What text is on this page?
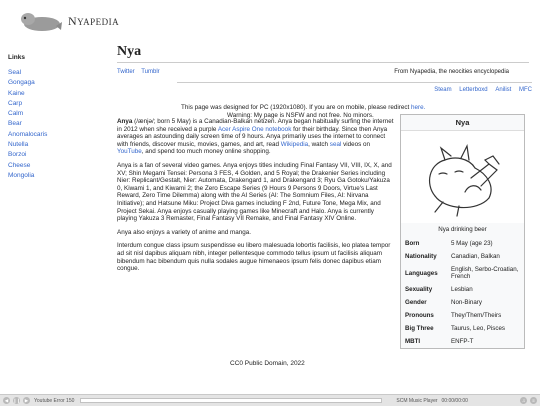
NYAPEDIA
Links
Seal
Gongaga
Kaine
Carp
Calm
Bear
Anomalocaris
Nutella
Borzoi
Cheese
Mongolia
Nya
Twitter Tumblr	From Nyapedia, the neocities encyclopedia
Steam Letterboxd Anilist MFC
This page was designed for PC (1920x1080). If you are on mobile, please redirect here.
Warning: My page is NSFW and not free. No minors.

Anya (/ænjə/; born 5 May) is a Canadian-Balkan netizen. Anya began habitually surfing the internet in 2012 when she received a purple Acer Aspire One notebook for their birthday. Since then Anya averages an astounding daily screen time of 9 hours. Anya primarily uses the internet to connect with friends, discover music, movies, games, and art, read Wikipedia, watch seal videos on YouTube, and spend too much money online shopping.

Anya is a fan of several video games. Anya enjoys titles including Final Fantasy VII, VIII, IX, X, and XV; Shin Megami Tensei: Persona 3 FES, 4 Golden, and 5 Royal; the Drakenier Series including Nier: Replicant/Gestalt, Nier: Automata, Drakengard 1, and Drakengard 3; Ryu Ga Gotoku/Yakuza 0, Kiwami 1, and Kiwami 2; the Zero Escape Series (9 Hours 9 Persons 9 Doors, Virtue's Last Reward, Zero Time Dilemma) along with the AI Series (AI: The Somnium Files, AI: Nirvana Initiative); and Hatsune Miku: Project Diva games including F 2nd, Future Tone, Mega Mix, and Project Sekai. Anya enjoys casually playing games like Minecraft and Halo. Anya is currently playing Yakuza 3 Remaster, Final Fantasy VII Remake, and Final Fantasy XIV Online.

Anya also enjoys a variety of anime and manga.

Interdum congue class ipsum suspendisse eu libero malesuada lobortis facilisis, leo platea tempor ad sit nisl dapibus aliquam nibh, integer pellentesque commodo tellus ipsum ut facilisis aliquam bibendum hac bibendum quis nulla sodales augue himenaeos ipsum felis donec dapibus etiam congue.

Nya
Nya drinking beer
Born	5 May (age 23)
Nationality	Canadian, Balkan
Languages	English, Serbo-Croatian, French
Sexuality	Lesbian
Gender	Non-Binary
Pronouns	They/Them/Theirs
Big Three	Taurus, Leo, Pisces
MBTI	ENFP-T
CC0 Public Domain, 2022
◀	❙❙ ▶	Youtube Error 150	SCM Music Player 00:00/00:00	♫	≡
